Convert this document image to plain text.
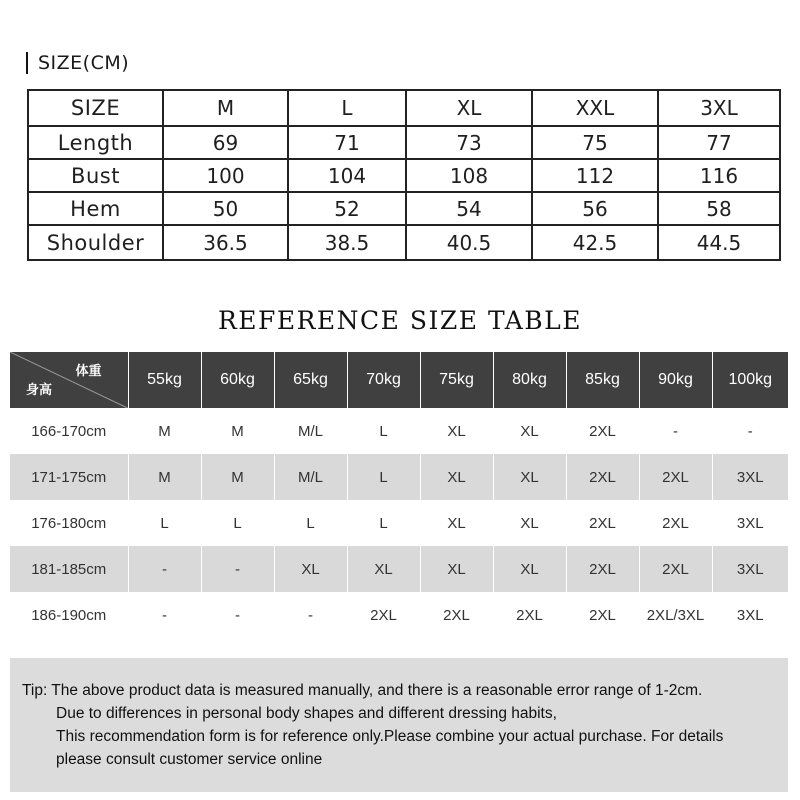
SIZE(CM)
SIZE	M	L	XL	XXL	3XL
Length	69	71	73	75	77
Bust	100	104	108	112	116
Hem	50	52	54	56	58
Shoulder	36.5	38.5	40.5	42.5	44.5
REFERENCE SIZE TABLE
体重
身高	55kg	60kg	65kg	70kg	75kg	80kg	85kg	90kg	100kg
166-170cm	M	M	M/L	L	XL	XL	2XL	-	-
171-175cm	M	M	M/L	L	XL	XL	2XL	2XL	3XL
176-180cm	L	L	L	L	XL	XL	2XL	2XL	3XL
181-185cm	-	-	XL	XL	XL	XL	2XL	2XL	3XL
186-190cm	-	-	-	2XL	2XL	2XL	2XL	2XL/3XL	3XL
Tip: The above product data is measured manually, and there is a reasonable error range of 1-2cm.
Due to differences in personal body shapes and different dressing habits,
This recommendation form is for reference only.Please combine your actual purchase. For details
please consult customer service online
